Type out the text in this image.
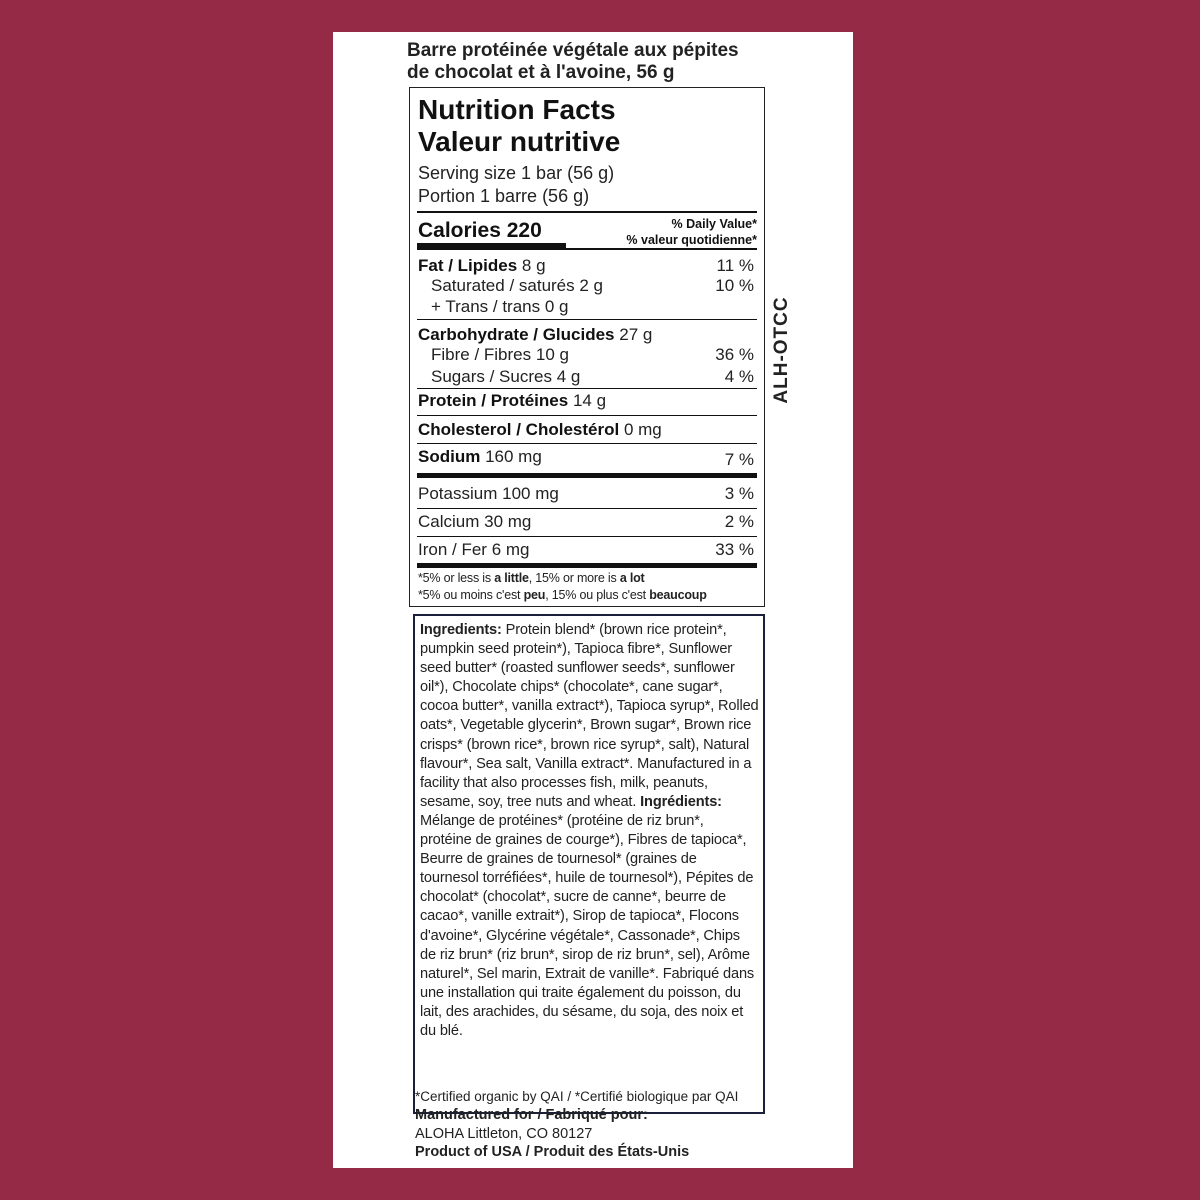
Barre protéinée végétale aux pépites
de chocolat et à l'avoine, 56 g
Nutrition Facts
Valeur nutritive
Serving size 1 bar (56 g)
Portion 1 barre (56 g)
Calories 220	% Daily Value*
% valeur quotidienne*
Fat / Lipides 8 g	11 %
Saturated / saturés 2 g	10 %
+ Trans / trans 0 g
Carbohydrate / Glucides 27 g
Fibre / Fibres 10 g	36 %
Sugars / Sucres 4 g	4 %
Protein / Protéines 14 g
Cholesterol / Cholestérol 0 mg
Sodium 160 mg	7 %
Potassium 100 mg	3 %
Calcium 30 mg	2 %
Iron / Fer 6 mg	33 %
*5% or less is a little, 15% or more is a lot
*5% ou moins c'est peu, 15% ou plus c'est beaucoup
ALH-OTCC

Ingredients: Protein blend* (brown rice protein*, pumpkin seed protein*), Tapioca fibre*, Sunflower seed butter* (roasted sunflower seeds*, sunflower oil*), Chocolate chips* (chocolate*, cane sugar*, cocoa butter*, vanilla extract*), Tapioca syrup*, Rolled oats*, Vegetable glycerin*, Brown sugar*, Brown rice crisps* (brown rice*, brown rice syrup*, salt), Natural flavour*, Sea salt, Vanilla extract*. Manufactured in a facility that also processes fish, milk, peanuts, sesame, soy, tree nuts and wheat. Ingrédients: Mélange de protéines* (protéine de riz brun*, protéine de graines de courge*), Fibres de tapioca*, Beurre de graines de tournesol* (graines de tournesol torréfiées*, huile de tournesol*), Pépites de chocolat* (chocolat*, sucre de canne*, beurre de cacao*, vanille extrait*), Sirop de tapioca*, Flocons d'avoine*, Glycérine végétale*, Cassonade*, Chips de riz brun* (riz brun*, sirop de riz brun*, sel), Arôme naturel*, Sel marin, Extrait de vanille*. Fabriqué dans une installation qui traite également du poisson, du lait, des arachides, du sésame, du soja, des noix et du blé.

*Certified organic by QAI / *Certifié biologique par QAI
Manufactured for / Fabriqué pour:
ALOHA Littleton, CO 80127
Product of USA / Produit des États-Unis
